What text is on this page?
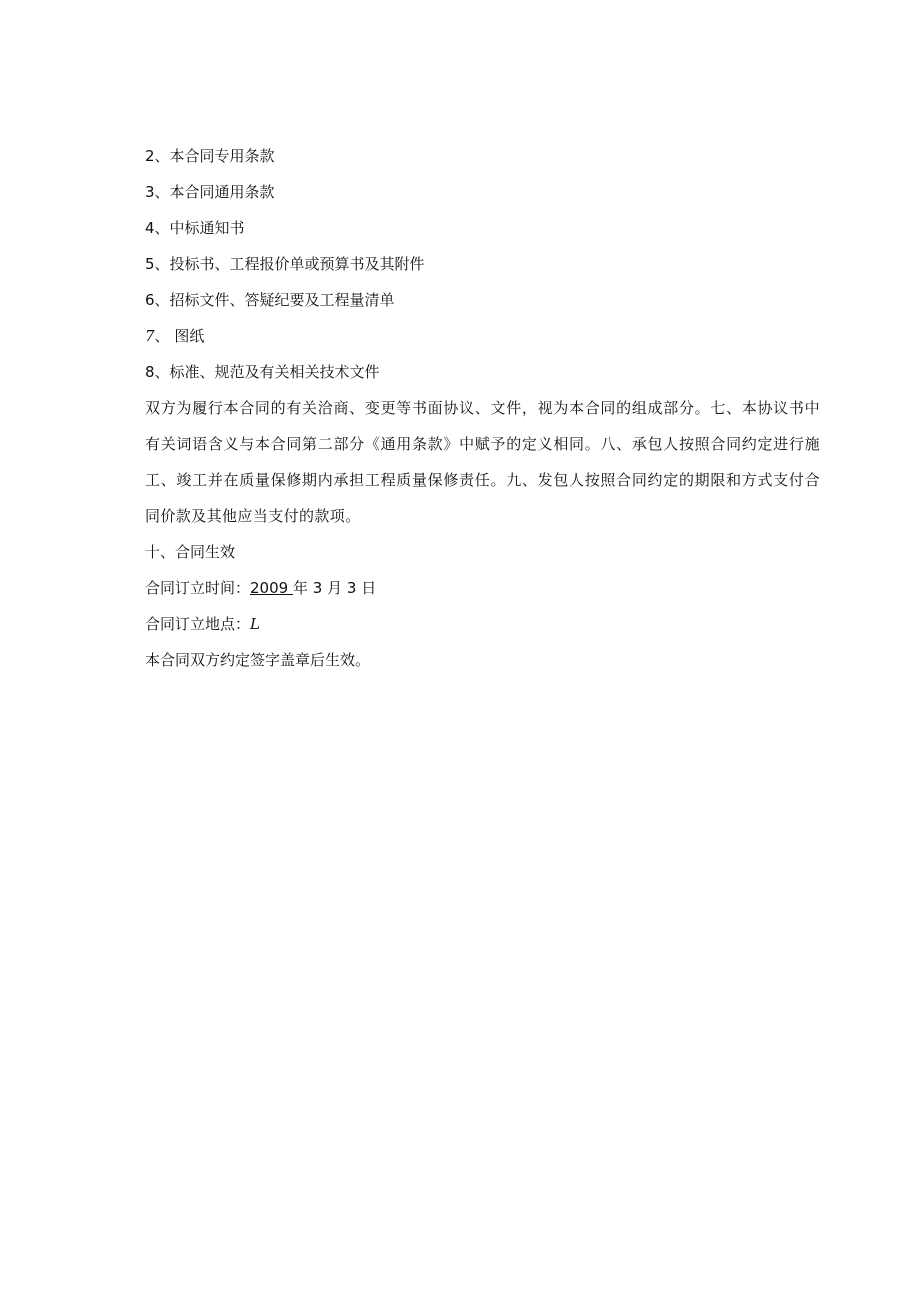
2、本合同专用条款

3、本合同通用条款

4、中标通知书

5、投标书、工程报价单或预算书及其附件

6、招标文件、答疑纪要及工程量清单

7、 图纸

8、标准、规范及有关相关技术文件

双方为履行本合同的有关洽商、变更等书面协议、文件，视为本合同的组成部分。七、本协议书中有关词语含义与本合同第二部分《通用条款》中赋予的定义相同。八、承包人按照合同约定进行施工、竣工并在质量保修期内承担工程质量保修责任。九、发包人按照合同约定的期限和方式支付合同价款及其他应当支付的款项。

十、合同生效

合同订立时间：2009 年 3 月 3 日

合同订立地点：L

本合同双方约定签字盖章后生效。
